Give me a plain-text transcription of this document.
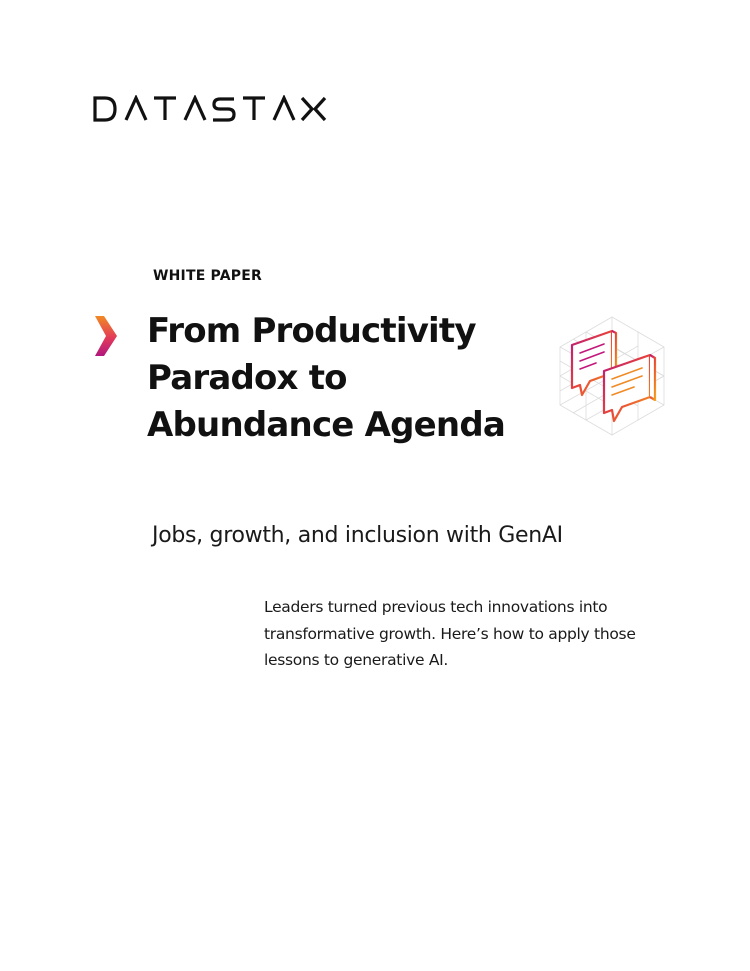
WHITE PAPER
From Productivity
Paradox to
Abundance Agenda
Jobs, growth, and inclusion with GenAI

Leaders turned previous tech innovations into
transformative growth. Here’s how to apply those
lessons to generative AI.
